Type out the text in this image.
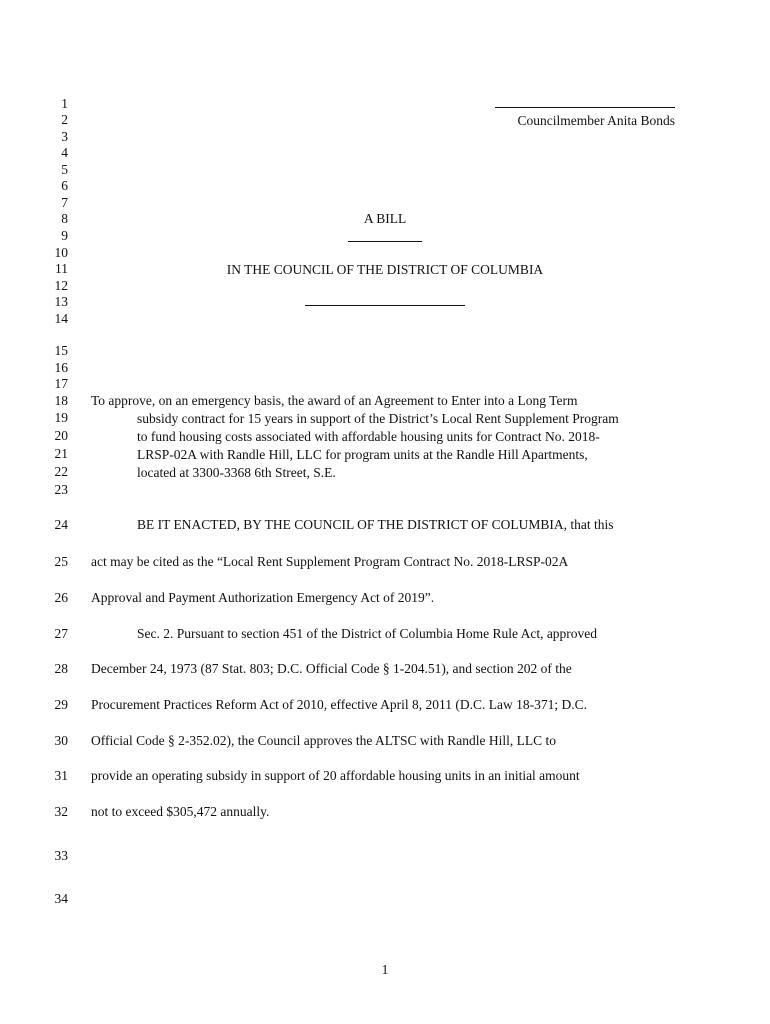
1
2
3
4
5
6
7
8
9
10
11
12
13
14
15
16
17
18
19
20
21
22
23
24
25
26
27
28
29
30
31
32
33
34
Councilmember Anita Bonds
A BILL
IN THE COUNCIL OF THE DISTRICT OF COLUMBIA
To approve, on an emergency basis, the award of an Agreement to Enter into a Long Term
subsidy contract for 15 years in support of the District’s Local Rent Supplement Program
to fund housing costs associated with affordable housing units for Contract No. 2018-
LRSP-02A with Randle Hill, LLC for program units at the Randle Hill Apartments,
located at 3300-3368 6th Street, S.E.
BE IT ENACTED, BY THE COUNCIL OF THE DISTRICT OF COLUMBIA, that this
act may be cited as the “Local Rent Supplement Program Contract No. 2018-LRSP-02A
Approval and Payment Authorization Emergency Act of 2019”.
Sec. 2. Pursuant to section 451 of the District of Columbia Home Rule Act, approved
December 24, 1973 (87 Stat. 803; D.C. Official Code § 1-204.51), and section 202 of the
Procurement Practices Reform Act of 2010, effective April 8, 2011 (D.C. Law 18-371; D.C.
Official Code § 2-352.02), the Council approves the ALTSC with Randle Hill, LLC to
provide an operating subsidy in support of 20 affordable housing units in an initial amount
not to exceed $305,472 annually.
1
